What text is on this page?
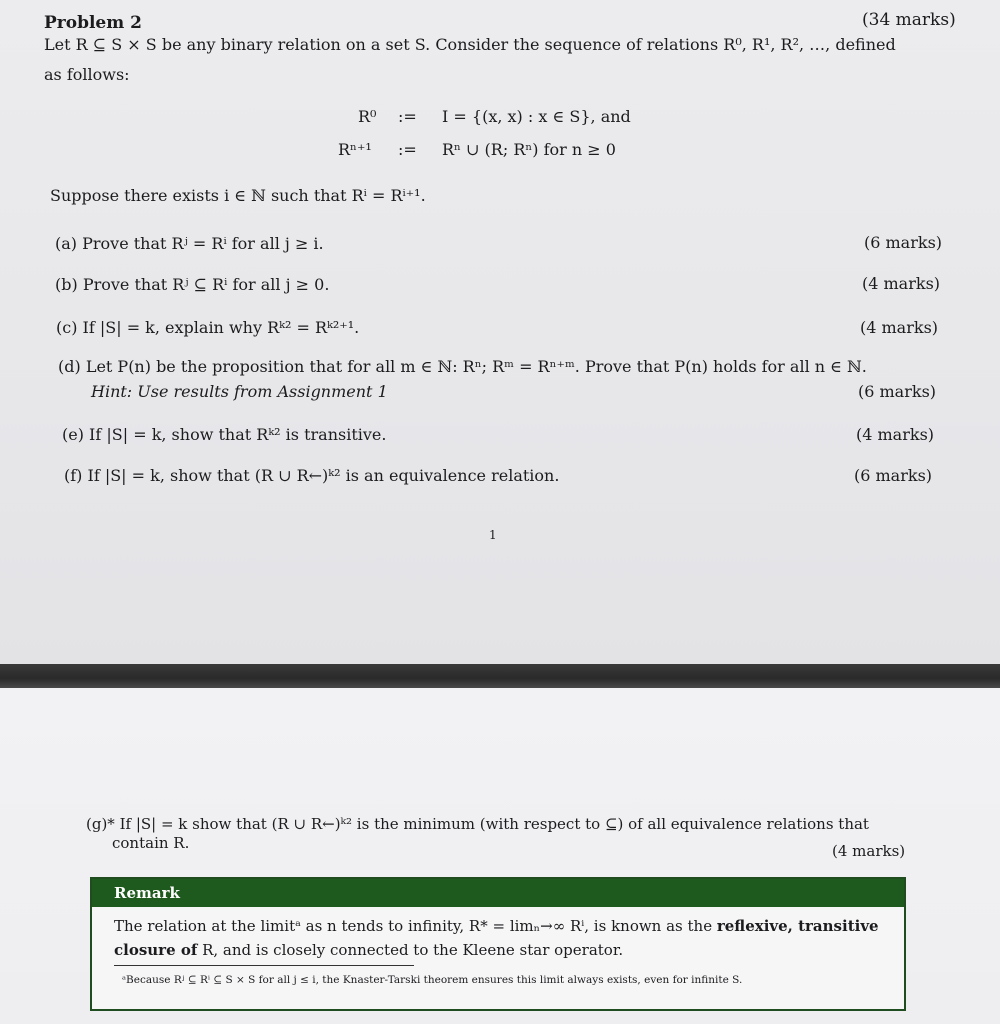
Problem 2	(34 marks)
Let R ⊆ S × S be any binary relation on a set S. Consider the sequence of relations R⁰, R¹, R², …, defined
as follows:
R⁰ := I = {(x, x) : x ∈ S}, and
Rⁿ⁺¹ := Rⁿ ∪ (R; Rⁿ) for n ≥ 0
Suppose there exists i ∈ ℕ such that Rⁱ = Rⁱ⁺¹.
(a) Prove that Rʲ = Rⁱ for all j ≥ i.	(6 marks)
(b) Prove that Rʲ ⊆ Rⁱ for all j ≥ 0.	(4 marks)
(c) If |S| = k, explain why Rᵏ² = Rᵏ²⁺¹.	(4 marks)
(d) Let P(n) be the proposition that for all m ∈ ℕ: Rⁿ; Rᵐ = Rⁿ⁺ᵐ. Prove that P(n) holds for all n ∈ ℕ.
Hint: Use results from Assignment 1	(6 marks)
(e) If |S| = k, show that Rᵏ² is transitive.	(4 marks)
(f) If |S| = k, show that (R ∪ R←)ᵏ² is an equivalence relation.	(6 marks)
1
(g)* If |S| = k show that (R ∪ R←)ᵏ² is the minimum (with respect to ⊆) of all equivalence relations that
contain R.	(4 marks)
Remark
The relation at the limitᵃ as n tends to infinity, R* = limₙ→∞ Rⁱ, is known as the reflexive, transitive
closure of R, and is closely connected to the Kleene star operator.
ᵃBecause Rʲ ⊆ Rⁱ ⊆ S × S for all j ≤ i, the Knaster-Tarski theorem ensures this limit always exists, even for infinite S.
